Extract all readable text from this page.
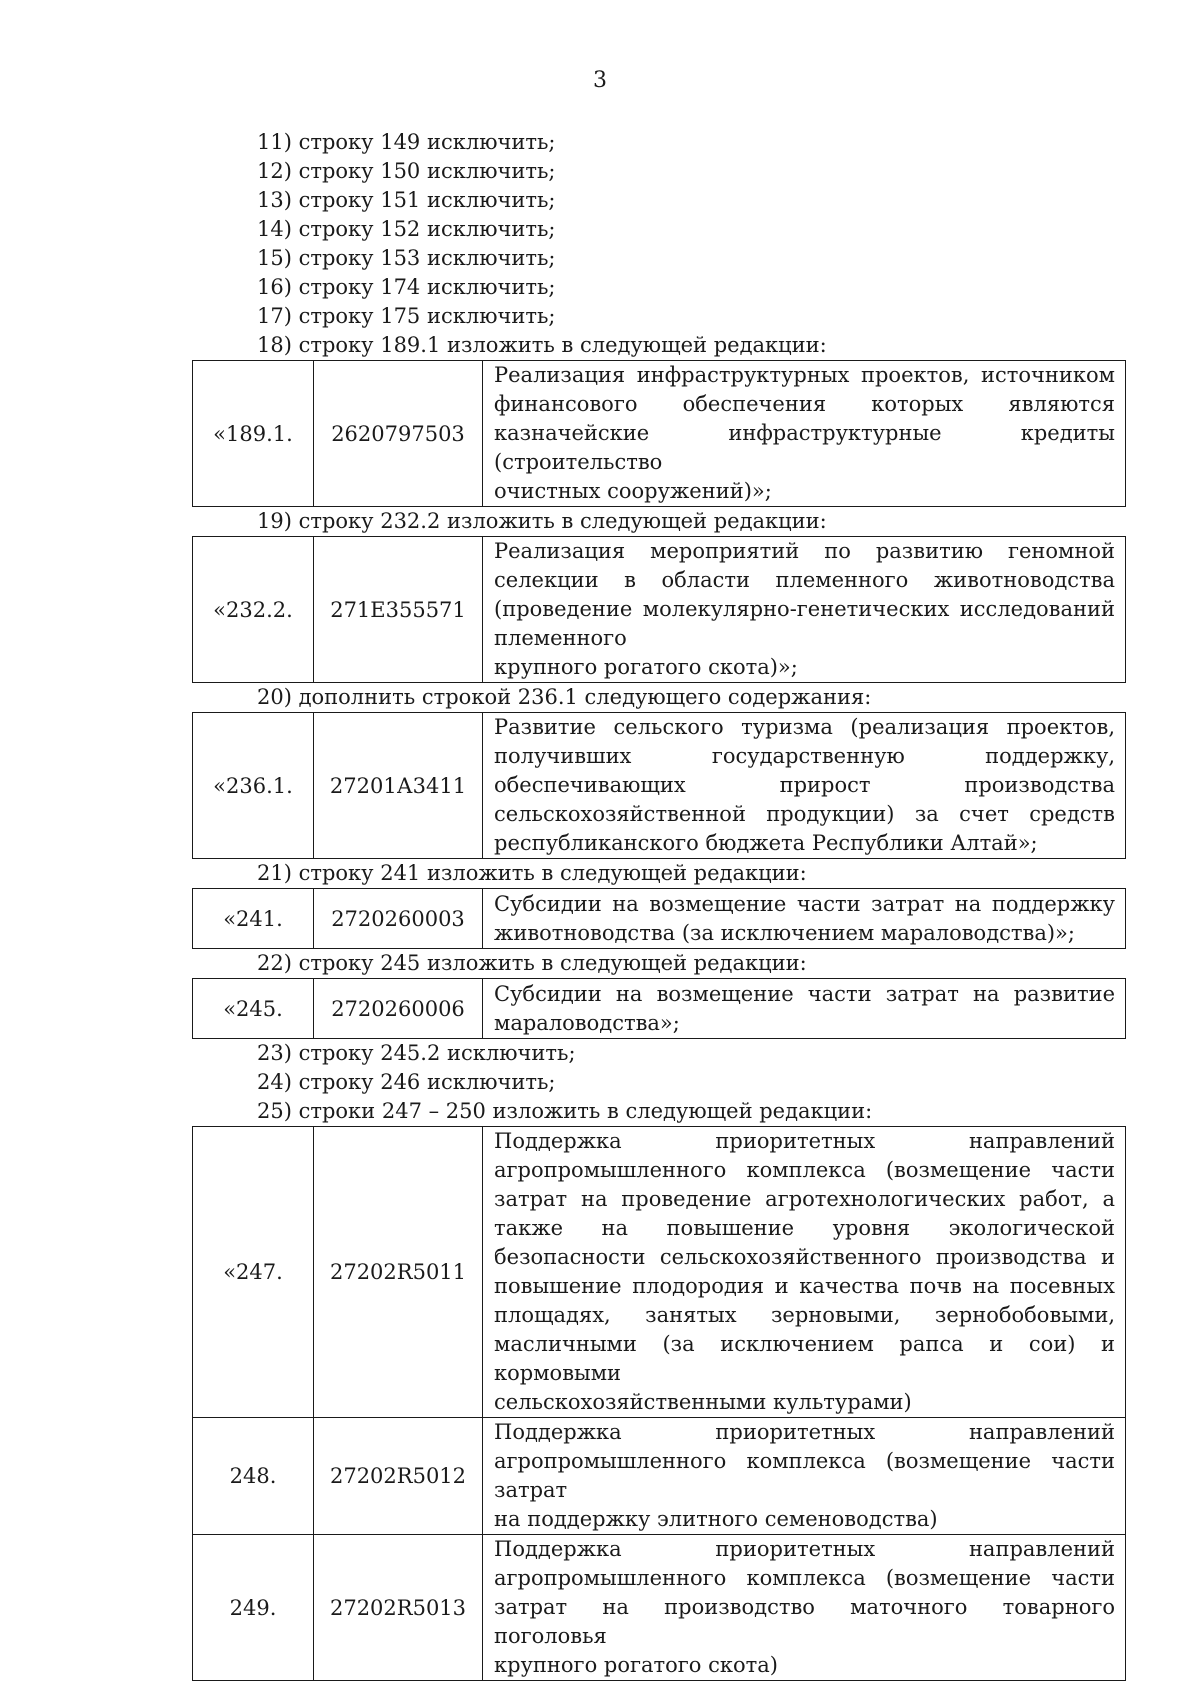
3
11) строку 149 исключить;
12) строку 150 исключить;
13) строку 151 исключить;
14) строку 152 исключить;
15) строку 153 исключить;
16) строку 174 исключить;
17) строку 175 исключить;
18) строку 189.1 изложить в следующей редакции:
«189.1.	2620797503	Реализация инфраструктурных проектов, источником финансового обеспечения которых являются казначейские инфраструктурные кредиты (строительство
очистных сооружений)»;
19) строку 232.2 изложить в следующей редакции:
«232.2.	271Е355571	Реализация мероприятий по развитию геномной селекции в области племенного животноводства (проведение молекулярно-генетических исследований племенного
крупного рогатого скота)»;
20) дополнить строкой 236.1 следующего содержания:
«236.1.	27201А3411	Развитие сельского туризма (реализация проектов, получивших государственную поддержку, обеспечивающих прирост производства сельскохозяйственной продукции) за счет средств
республиканского бюджета Республики Алтай»;
21) строку 241 изложить в следующей редакции:
«241.	2720260003	Субсидии на возмещение части затрат на поддержку
животноводства (за исключением мараловодства)»;
22) строку 245 изложить в следующей редакции:
«245.	2720260006	Субсидии на возмещение части затрат на развитие
мараловодства»;
23) строку 245.2 исключить;
24) строку 246 исключить;
25) строки 247 – 250 изложить в следующей редакции:
«247.	27202R5011	Поддержка приоритетных направлений агропромышленного комплекса (возмещение части затрат на проведение агротехнологических работ, а также на повышение уровня экологической безопасности сельскохозяйственного производства и повышение плодородия и качества почв на посевных площадях, занятых зерновыми, зернобобовыми, масличными (за исключением рапса и сои) и кормовыми
сельскохозяйственными культурами)

248.	27202R5012	Поддержка приоритетных направлений агропромышленного комплекса (возмещение части затрат
на поддержку элитного семеноводства)

249.	27202R5013	Поддержка приоритетных направлений агропромышленного комплекса (возмещение части затрат на производство маточного товарного поголовья
крупного рогатого скота)
